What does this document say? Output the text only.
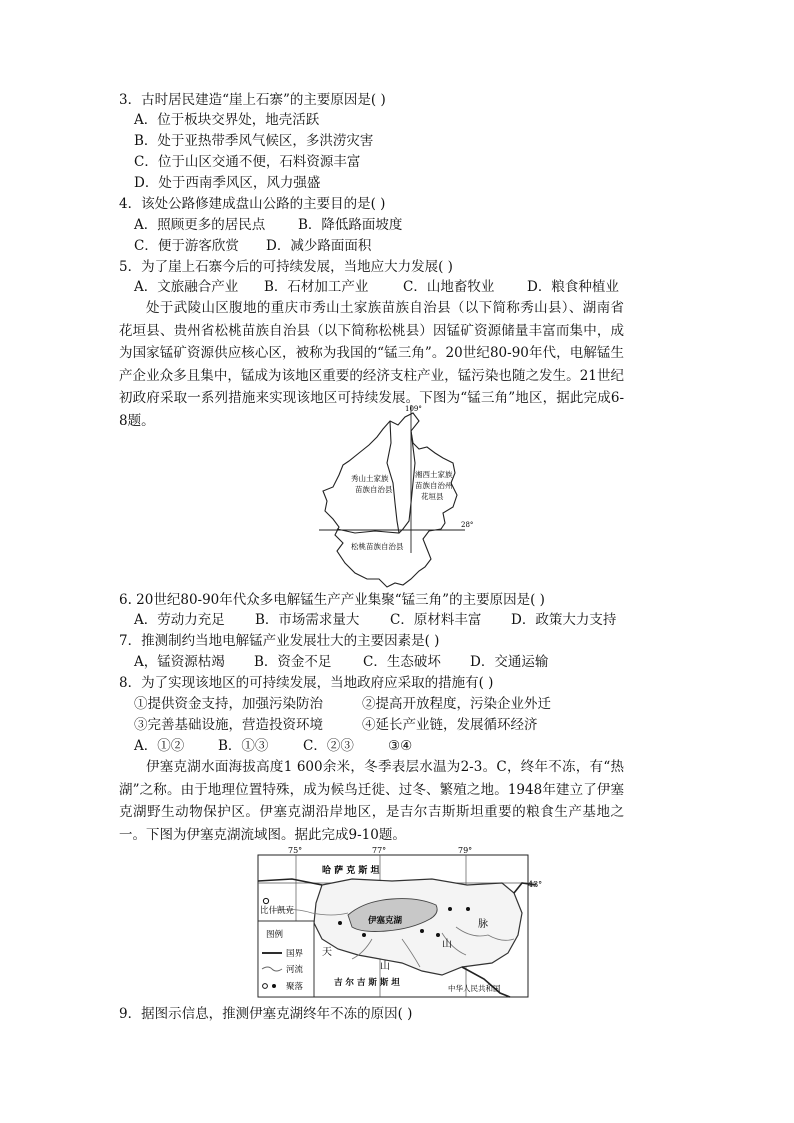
3．古时居民建造“崖上石寨”的主要原因是( )
A．位于板块交界处，地壳活跃
B．处于亚热带季风气候区，多洪涝灾害
C．位于山区交通不便，石料资源丰富
D．处于西南季风区，风力强盛
4．该处公路修建成盘山公路的主要目的是( )
A．照顾更多的居民点 B．降低路面坡度
C．便于游客欣赏 D．减少路面面积
5．为了崖上石寨今后的可持续发展，当地应大力发展( )
A．文旅融合产业 B．石材加工产业	C．山地畜牧业 D．粮食种植业
处于武陵山区腹地的重庆市秀山土家族苗族自治县（以下简称秀山县）、湖南省花垣县、贵州省松桃苗族自治县（以下简称松桃县）因锰矿资源储量丰富而集中，成为国家锰矿资源供应核心区，被称为我国的“锰三角”。20世纪80-90年代，电解锰生产企业众多且集中，锰成为该地区重要的经济支柱产业，锰污染也随之发生。21世纪初政府采取一系列措施来实现该地区可持续发展。下图为“锰三角”地区，据此完成6-8题。
109°
28°
秀山土家族
苗族自治县
湘西土家族
苗族自治州
花垣县
松桃苗族自治县
6. 20世纪80-90年代众多电解锰生产产业集聚“锰三角”的主要原因是( )
A．劳动力充足 B．市场需求量大 C．原材料丰富 D．政策大力支持
7．推测制约当地电解锰产业发展壮大的主要因素是( )
A，锰资源枯竭 B．资金不足 C．生态破坏 D．交通运输
8．为了实现该地区的可持续发展，当地政府应采取的措施有( )
①提供资金支持，加强污染防治	②提高开放程度，污染企业外迁
③完善基础设施，营造投资环境	④延长产业链，发展循环经济
A．①②	B．①③	C．②③	③④
伊塞克湖水面海拔高度1 600余米，冬季表层水温为2-3。C，终年不冻，有“热湖”之称。由于地理位置特殊，成为候鸟迁徙、过冬、繁殖之地。1948年建立了伊塞克湖野生动物保护区。伊塞克湖沿岸地区，是吉尔吉斯斯坦重要的粮食生产基地之一。下图为伊塞克湖流域图。据此完成9-10题。
75°	77°	79°
43°
哈 萨 克 斯 坦
比什凯克
伊塞克湖
天
山
脉
山
吉 尔 吉 斯 斯 坦
中华人民共和国
图例
国界
河流
聚落
9．据图示信息，推测伊塞克湖终年不冻的原因( )
